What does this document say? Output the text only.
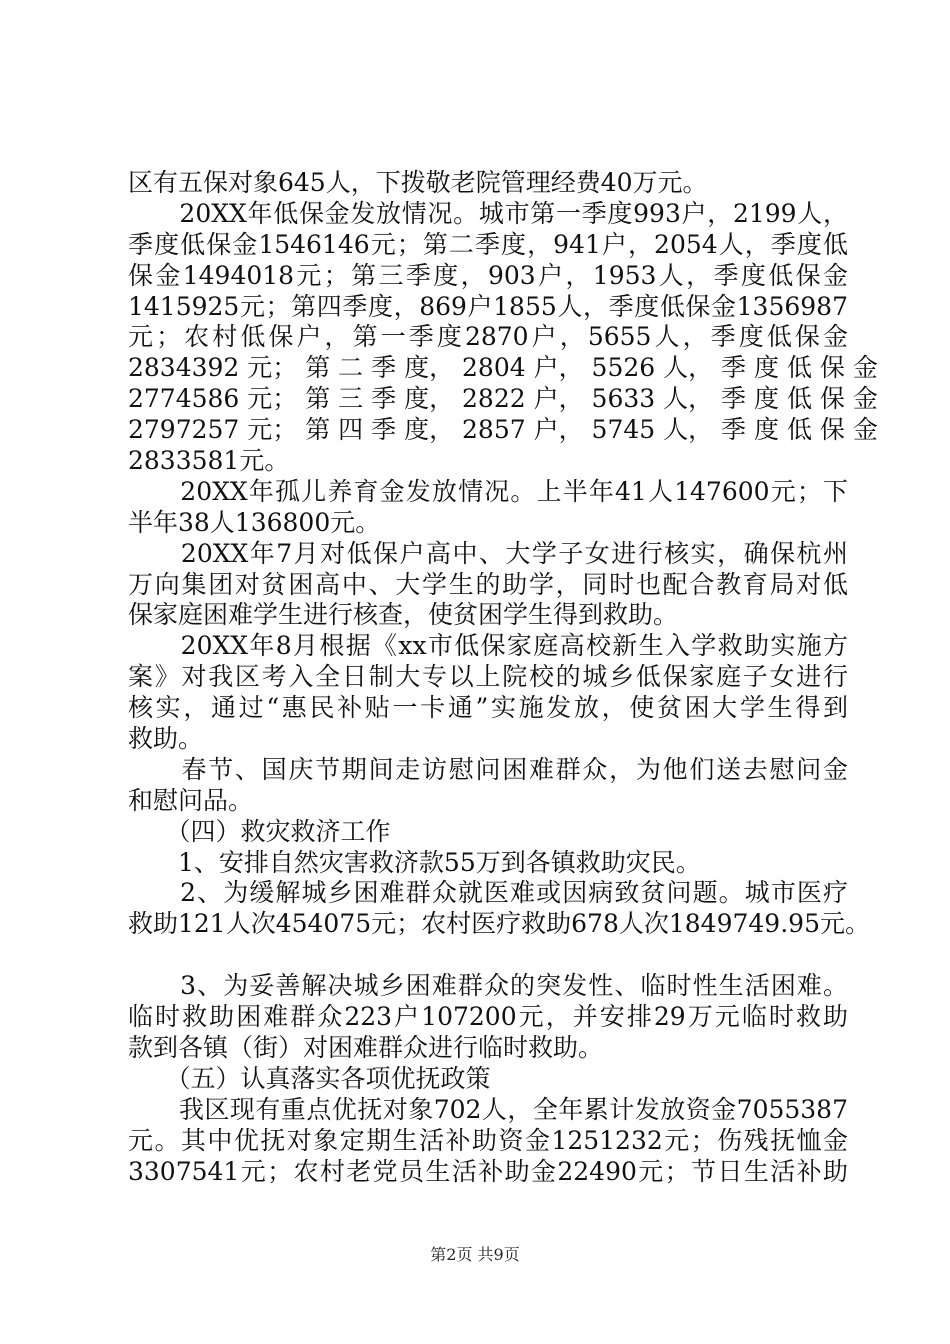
区有五保对象645人，下拨敬老院管理经费40万元。
　　20XX年低保金发放情况。城市第一季度993户，2199人，
季度低保金1546146元；第二季度，941户，2054人，季度低
保金1494018元；第三季度，903户，1953人，季度低保金
1415925元；第四季度，869户1855人，季度低保金1356987
元；农村低保户，第一季度2870户，5655人，季度低保金
2834392 元； 第 二 季 度， 2804 户， 5526 人， 季 度 低 保 金
2774586 元； 第 三 季 度， 2822 户， 5633 人， 季 度 低 保 金
2797257 元； 第 四 季 度， 2857 户， 5745 人， 季 度 低 保 金
2833581元。
　　20XX年孤儿养育金发放情况。上半年41人147600元；下
半年38人136800元。
　　20XX年7月对低保户高中、大学子女进行核实，确保杭州
万向集团对贫困高中、大学生的助学，同时也配合教育局对低
保家庭困难学生进行核查，使贫困学生得到救助。
　　20XX年8月根据《xx市低保家庭高校新生入学救助实施方
案》对我区考入全日制大专以上院校的城乡低保家庭子女进行
核实，通过“惠民补贴一卡通”实施发放，使贫困大学生得到
救助。
　　春节、国庆节期间走访慰问困难群众，为他们送去慰问金
和慰问品。
　　（四）救灾救济工作
　　1、安排自然灾害救济款55万到各镇救助灾民。
　　2、为缓解城乡困难群众就医难或因病致贫问题。城市医疗
救助121人次454075元；农村医疗救助678人次1849749.95元。
　　3、为妥善解决城乡困难群众的突发性、临时性生活困难。
临时救助困难群众223户107200元，并安排29万元临时救助
款到各镇（街）对困难群众进行临时救助。
　　（五）认真落实各项优抚政策
　　我区现有重点优抚对象702人，全年累计发放资金7055387
元。其中优抚对象定期生活补助资金1251232元；伤残抚恤金
3307541元；农村老党员生活补助金22490元；节日生活补助
第2页 共9页
